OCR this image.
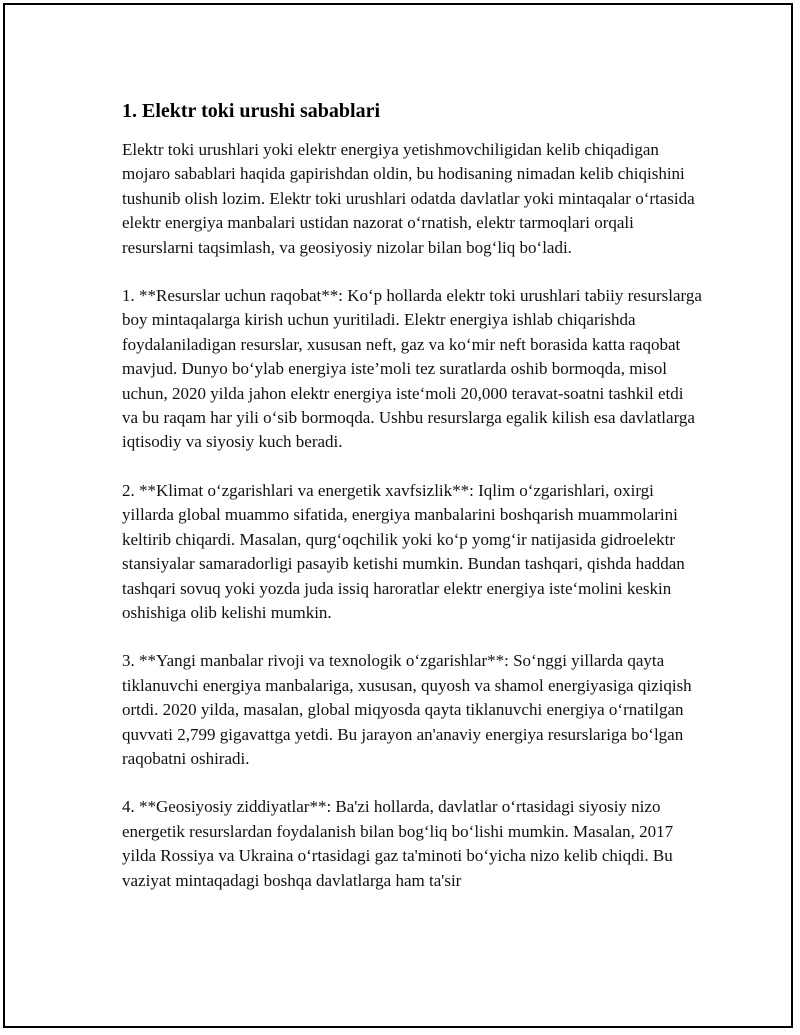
1. Elektr toki urushi sabablari

Elektr toki urushlari yoki elektr energiya yetishmovchiligidan kelib chiqadigan mojaro sabablari haqida gapirishdan oldin, bu hodisaning nimadan kelib chiqishini tushunib olish lozim. Elektr toki urushlari odatda davlatlar yoki mintaqalar o‘rtasida elektr energiya manbalari ustidan nazorat o‘rnatish, elektr tarmoqlari orqali resurslarni taqsimlash, va geosiyosiy nizolar bilan bog‘liq bo‘ladi.

1. **Resurslar uchun raqobat**: Ko‘p hollarda elektr toki urushlari tabiiy resurslarga boy mintaqalarga kirish uchun yuritiladi. Elektr energiya ishlab chiqarishda foydalaniladigan resurslar, xususan neft, gaz va ko‘mir neft borasida katta raqobat mavjud. Dunyo bo‘ylab energiya iste’moli tez suratlarda oshib bormoqda, misol uchun, 2020 yilda jahon elektr energiya iste‘moli 20,000 teravat-soatni tashkil etdi va bu raqam har yili o‘sib bormoqda. Ushbu resurslarga egalik kilish esa davlatlarga iqtisodiy va siyosiy kuch beradi.

2. **Klimat o‘zgarishlari va energetik xavfsizlik**: Iqlim o‘zgarishlari, oxirgi yillarda global muammo sifatida, energiya manbalarini boshqarish muammolarini keltirib chiqardi. Masalan, qurg‘oqchilik yoki ko‘p yomg‘ir natijasida gidroelektr stansiyalar samaradorligi pasayib ketishi mumkin. Bundan tashqari, qishda haddan tashqari sovuq yoki yozda juda issiq haroratlar elektr energiya iste‘molini keskin oshishiga olib kelishi mumkin.

3. **Yangi manbalar rivoji va texnologik o‘zgarishlar**: So‘nggi yillarda qayta tiklanuvchi energiya manbalariga, xususan, quyosh va shamol energiyasiga qiziqish ortdi. 2020 yilda, masalan, global miqyosda qayta tiklanuvchi energiya o‘rnatilgan quvvati 2,799 gigavattga yetdi. Bu jarayon an'anaviy energiya resurslariga bo‘lgan raqobatni oshiradi.

4. **Geosiyosiy ziddiyatlar**: Ba'zi hollarda, davlatlar o‘rtasidagi siyosiy nizo energetik resurslardan foydalanish bilan bog‘liq bo‘lishi mumkin. Masalan, 2017 yilda Rossiya va Ukraina o‘rtasidagi gaz ta'minoti bo‘yicha nizo kelib chiqdi. Bu vaziyat mintaqadagi boshqa davlatlarga ham ta'sir
